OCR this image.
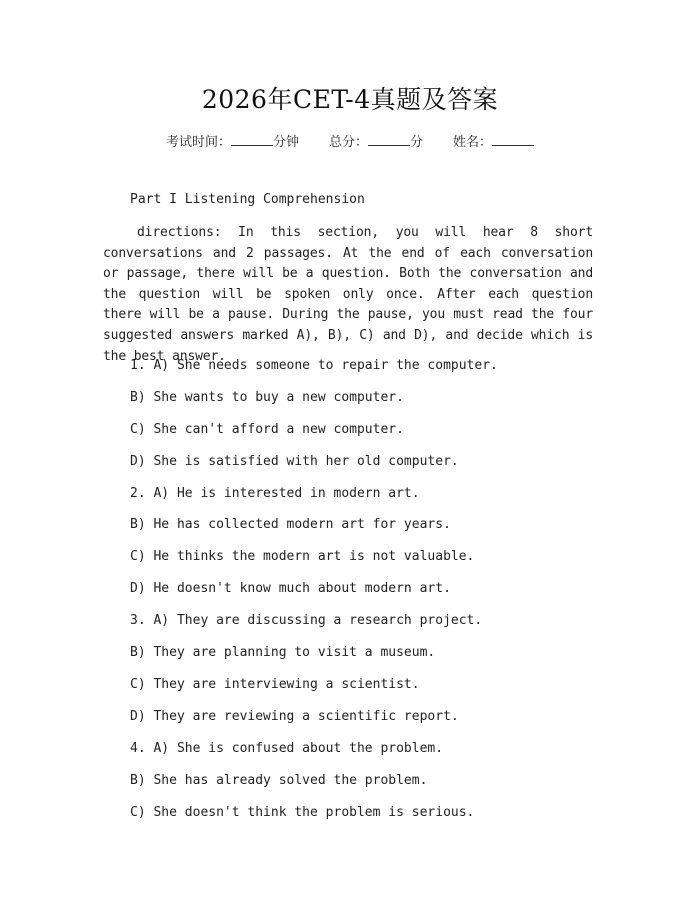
2026年CET-4真题及答案
考试时间：	分钟 总分：	分 姓名：
Part I Listening Comprehension

directions: In this section, you will hear 8 short conversations and 2 passages. At the end of each conversation or passage, there will be a question. Both the conversation and the question will be spoken only once. After each question there will be a pause. During the pause, you must read the four suggested answers marked A), B), C) and D), and decide which is the best answer.

1. A) She needs someone to repair the computer.

B) She wants to buy a new computer.

C) She can't afford a new computer.

D) She is satisfied with her old computer.

2. A) He is interested in modern art.

B) He has collected modern art for years.

C) He thinks the modern art is not valuable.

D) He doesn't know much about modern art.

3. A) They are discussing a research project.

B) They are planning to visit a museum.

C) They are interviewing a scientist.

D) They are reviewing a scientific report.

4. A) She is confused about the problem.

B) She has already solved the problem.

C) She doesn't think the problem is serious.
